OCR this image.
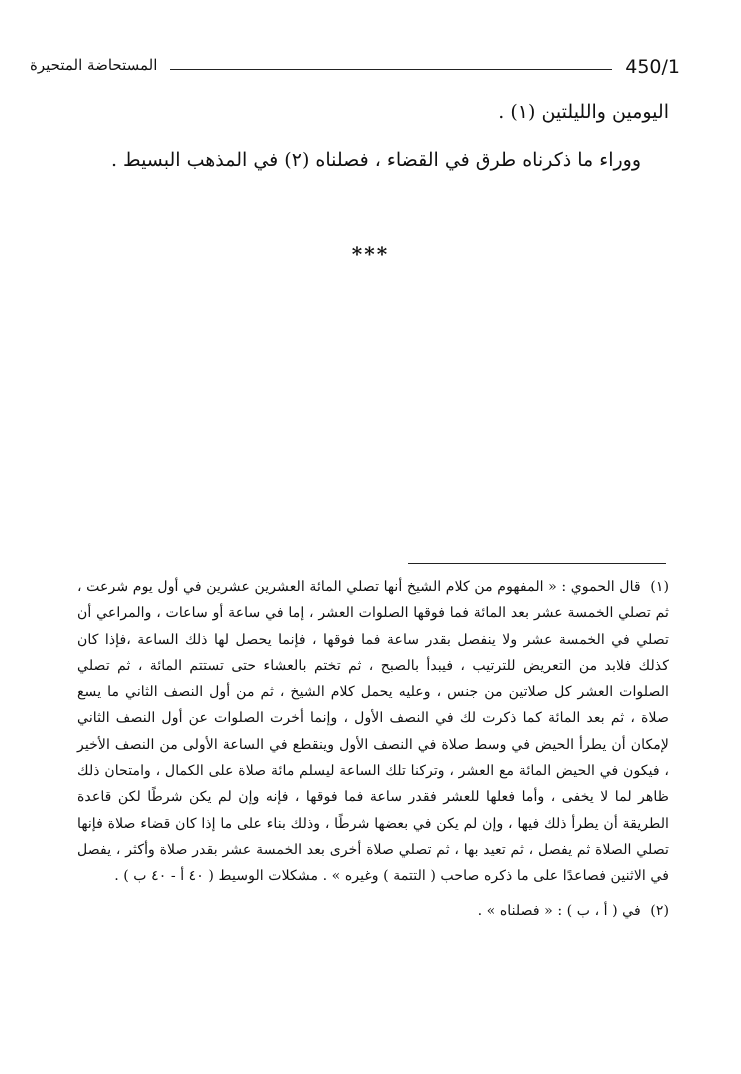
450/1
المستحاضة المتحيرة
اليومين والليلتين (١) .
ووراء ما ذكرناه طرق في القضاء ، فصلناه (٢) في المذهب البسيط .
***

(١) قال الحموي : « المفهوم من كلام الشيخ أنها تصلي المائة العشرين عشرين في أول يوم شرعت ، ثم تصلي الخمسة عشر بعد المائة فما فوقها الصلوات العشر ، إما في ساعة أو ساعات ، والمراعي أن تصلي في الخمسة عشر ولا ينفصل بقدر ساعة فما فوقها ، فإنما يحصل لها ذلك الساعة ،فإذا كان كذلك فلابد من التعريض للترتيب ، فيبدأ بالصبح ، ثم تختم بالعشاء حتى تستتم المائة ، ثم تصلي الصلوات العشر كل صلاتين من جنس ، وعليه يحمل كلام الشيخ ، ثم من أول النصف الثاني ما يسع صلاة ، ثم بعد المائة كما ذكرت لك في النصف الأول ، وإنما أخرت الصلوات عن أول النصف الثاني لإمكان أن يطرأ الحيض في وسط صلاة في النصف الأول وينقطع في الساعة الأولى من النصف الأخير ، فيكون في الحيض المائة مع العشر ، وتركنا تلك الساعة ليسلم مائة صلاة على الكمال ، وامتحان ذلك ظاهر لما لا يخفى ، وأما فعلها للعشر فقدر ساعة فما فوقها ، فإنه وإن لم يكن شرطًا لكن قاعدة الطريقة أن يطرأ ذلك فيها ، وإن لم يكن في بعضها شرطًا ، وذلك بناء على ما إذا كان قضاء صلاة فإنها تصلي الصلاة ثم يفصل ، ثم تعيد بها ، ثم تصلي صلاة أخرى بعد الخمسة عشر بقدر صلاة وأكثر ، يفصل في الاثنين فصاعدًا على ما ذكره صاحب ( التتمة ) وغيره » . مشكلات الوسيط ( ٤٠ أ - ٤٠ ب ) .

(٢) في ( أ ، ب ) : « فصلناه » .
